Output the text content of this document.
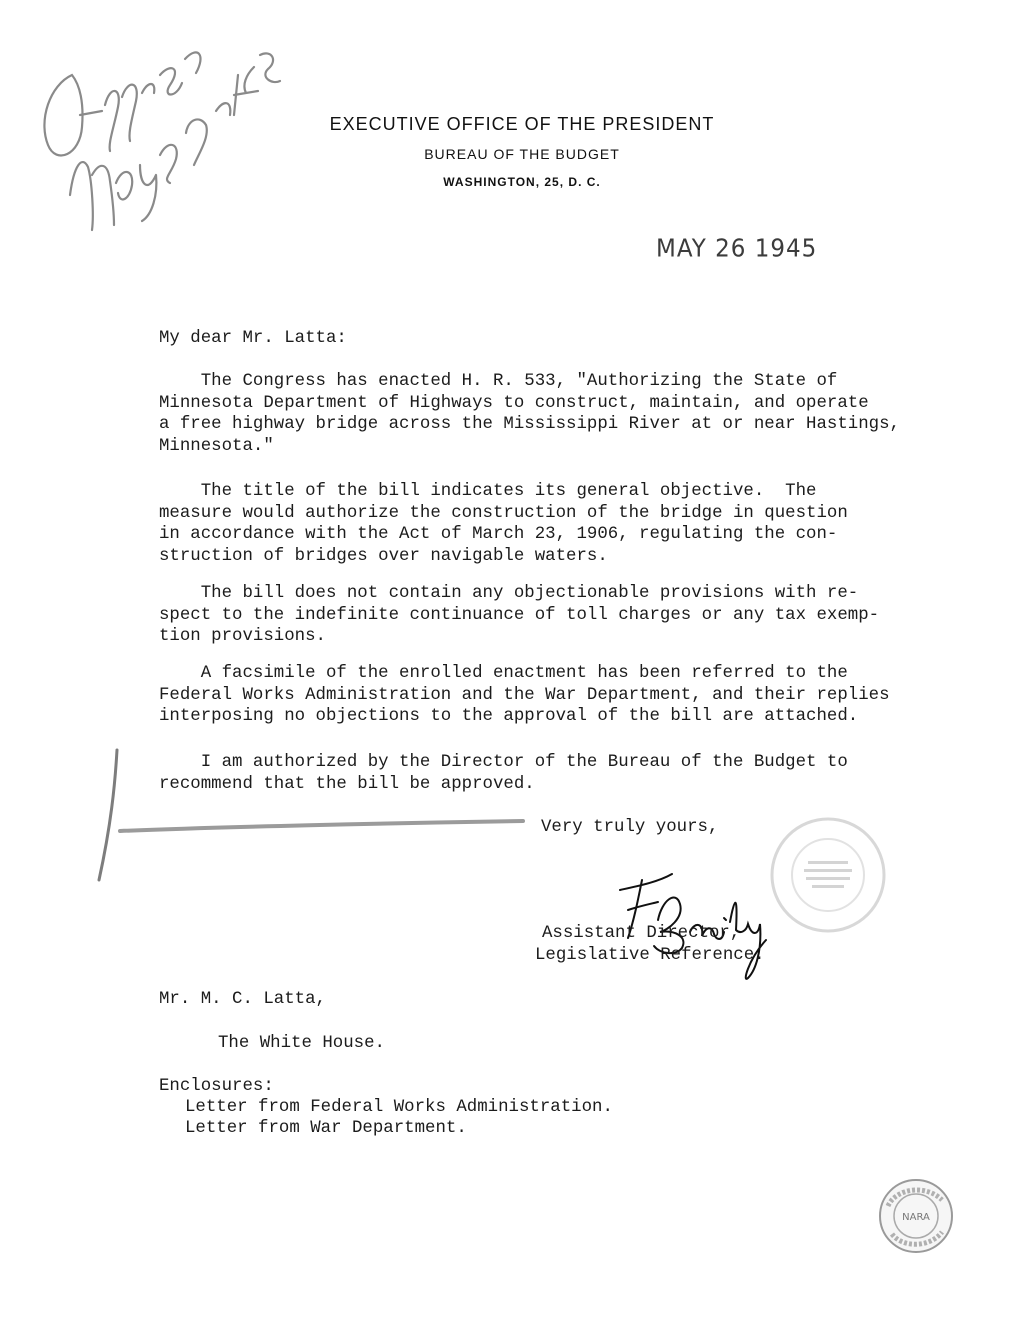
EXECUTIVE OFFICE OF THE PRESIDENT
BUREAU OF THE BUDGET
WASHINGTON, 25, D. C.
MAY 26 1945
My dear Mr. Latta:
The Congress has enacted H. R. 533, "Authorizing the State of
Minnesota Department of Highways to construct, maintain, and operate
a free highway bridge across the Mississippi River at or near Hastings,
Minnesota."
The title of the bill indicates its general objective.  The
measure would authorize the construction of the bridge in question
in accordance with the Act of March 23, 1906, regulating the con-
struction of bridges over navigable waters.
The bill does not contain any objectionable provisions with re-
spect to the indefinite continuance of toll charges or any tax exemp-
tion provisions.
A facsimile of the enrolled enactment has been referred to the
Federal Works Administration and the War Department, and their replies
interposing no objections to the approval of the bill are attached.
I am authorized by the Director of the Bureau of the Budget to
recommend that the bill be approved.
Very truly yours,
Assistant Director,
Legislative Reference.
Mr. M. C. Latta,
The White House.
Enclosures:
Letter from Federal Works Administration.
Letter from War Department.
NARA
